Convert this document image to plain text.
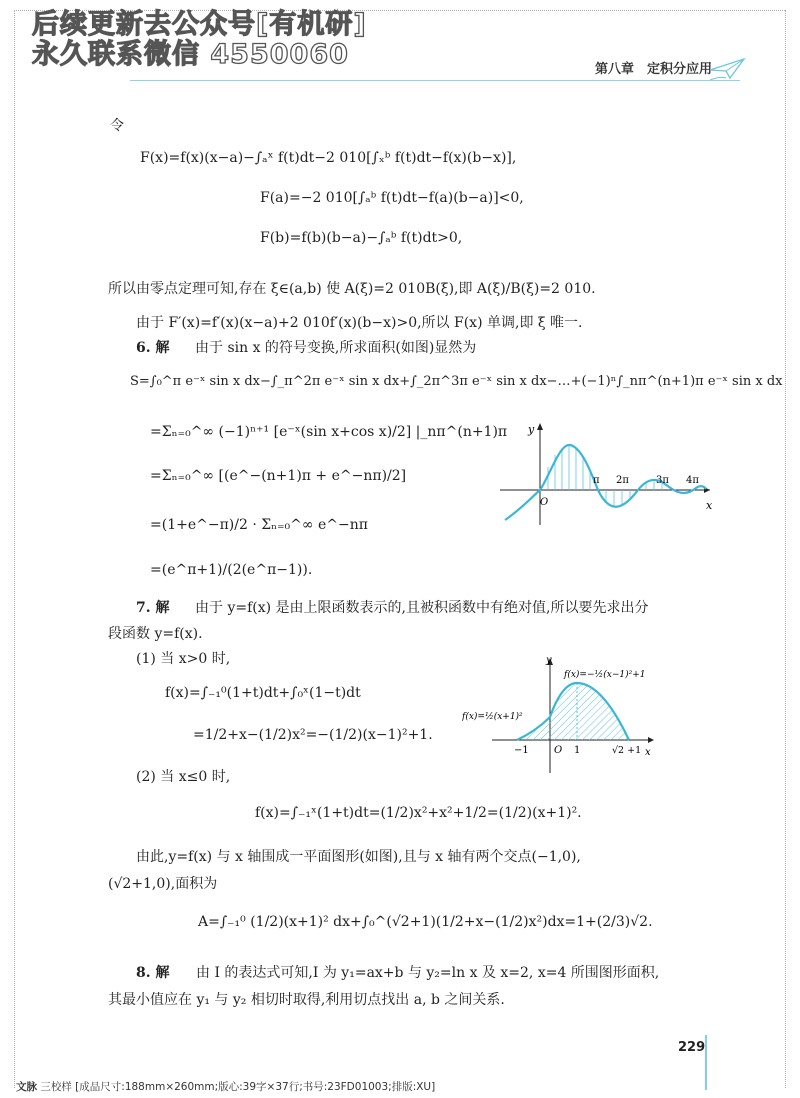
后续更新去公众号[有机研]
永久联系微信 4550060	第八章　定积分应用
令
F(x)=f(x)(x−a)−∫ₐˣ f(t)dt−2 010[∫ₓᵇ f(t)dt−f(x)(b−x)],
F(a)=−2 010[∫ₐᵇ f(t)dt−f(a)(b−a)]<0,
F(b)=f(b)(b−a)−∫ₐᵇ f(t)dt>0,
所以由零点定理可知,存在 ξ∈(a,b) 使 A(ξ)=2 010B(ξ),即 A(ξ)/B(ξ)=2 010.
由于 F′(x)=f′(x)(x−a)+2 010f′(x)(b−x)>0,所以 F(x) 单调,即 ξ 唯一.
6. 解 由于 sin x 的符号变换,所求面积(如图)显然为
S=∫₀^π e⁻ˣ sin x dx−∫_π^2π e⁻ˣ sin x dx+∫_2π^3π e⁻ˣ sin x dx−…+(−1)ⁿ∫_nπ^(n+1)π e⁻ˣ sin x dx
=Σₙ₌₀^∞ (−1)ⁿ⁺¹ [e⁻ˣ(sin x+cos x)/2] |_nπ^(n+1)π
=Σₙ₌₀^∞ [(e^−(n+1)π + e^−nπ)/2]
=(1+e^−π)/2 · Σₙ₌₀^∞ e^−nπ
=(e^π+1)/(2(e^π−1)).
y
x
O
π 2π	3π 4π
7. 解 由于 y=f(x) 是由上限函数表示的,且被积函数中有绝对值,所以要先求出分
段函数 y=f(x).
(1) 当 x>0 时,
f(x)=∫₋₁⁰(1+t)dt+∫₀ˣ(1−t)dt
=1/2+x−(1/2)x²=−(1/2)(x−1)²+1.
y
x
O
−1	1	√2 +1
f(x)=−½(x−1)²+1
f(x)=½(x+1)²
(2) 当 x≤0 时,
f(x)=∫₋₁ˣ(1+t)dt=(1/2)x²+x²+1/2=(1/2)(x+1)².
由此,y=f(x) 与 x 轴围成一平面图形(如图),且与 x 轴有两个交点(−1,0),
(√2+1,0),面积为
A=∫₋₁⁰ (1/2)(x+1)² dx+∫₀^(√2+1)(1/2+x−(1/2)x²)dx=1+(2/3)√2.
8. 解 由 I 的表达式可知,I 为 y₁=ax+b 与 y₂=ln x 及 x=2, x=4 所围图形面积,
其最小值应在 y₁ 与 y₂ 相切时取得,利用切点找出 a, b 之间关系.
229
文脉 三校样 [成品尺寸:188mm×260mm;版心:39字×37行;书号:23FD01003;排版:XU]
